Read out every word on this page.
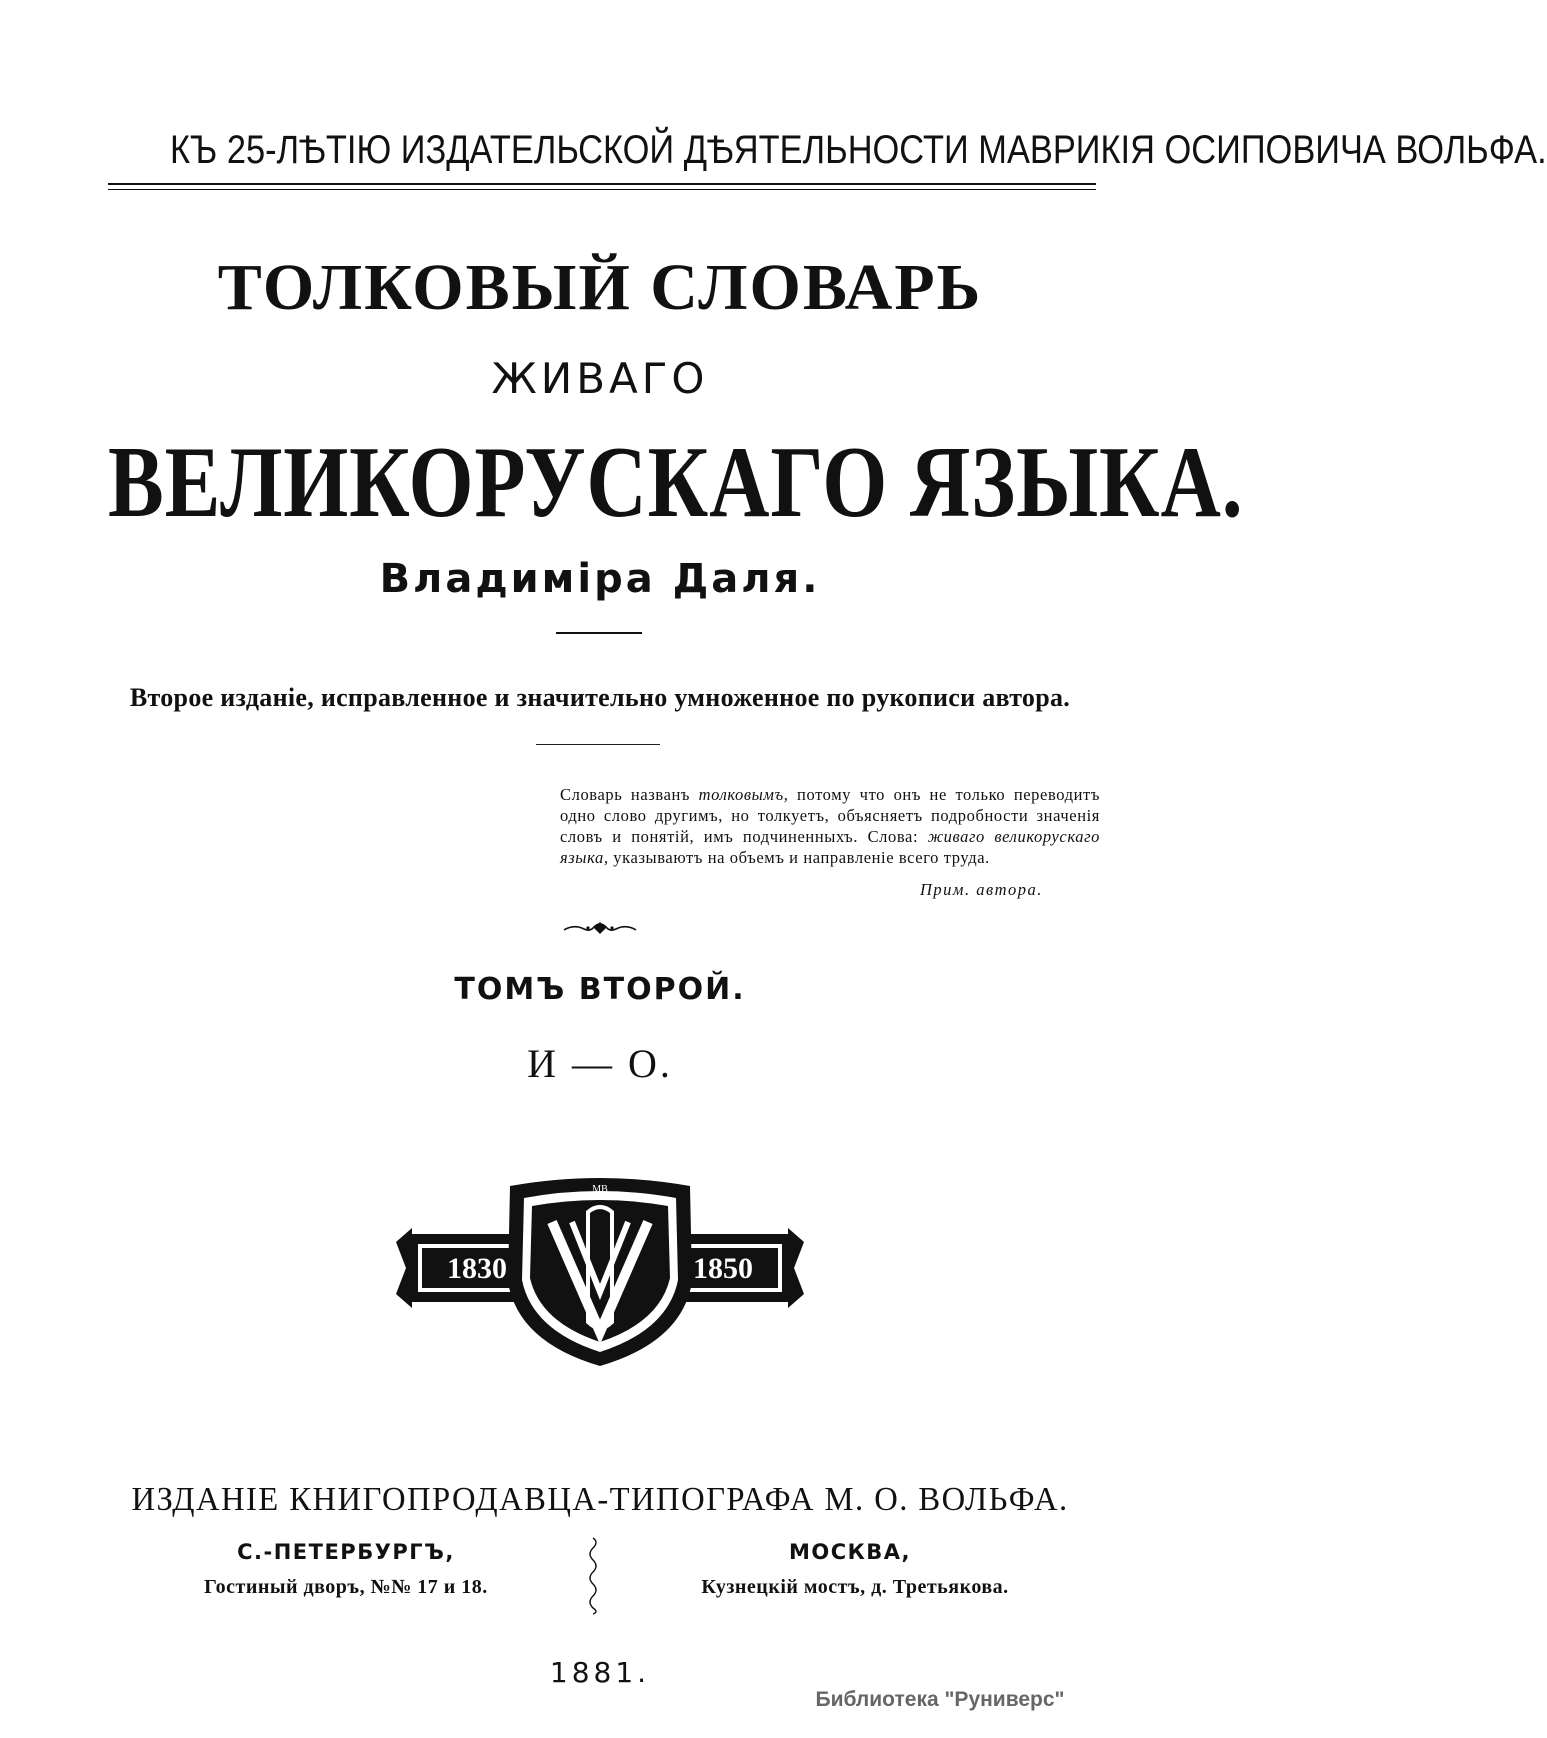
КЪ 25-ЛѢТІЮ ИЗДАТЕЛЬСКОЙ ДѢЯТЕЛЬНОСТИ МАВРИКІЯ ОСИПОВИЧА ВОЛЬФА.
ТОЛКОВЫЙ СЛОВАРЬ
ЖИВАГО
ВЕЛИКОРУСКАГО ЯЗЫКА.
Владиміра Даля.
Второе изданіе, исправленное и значительно умноженное по рукописи автора.
Словарь названъ толковымъ, потому что онъ не только переводитъ одно слово другимъ, но толкуетъ, объясняетъ подробности значенія словъ и понятій, имъ подчиненныхъ. Слова: живаго великорускаго языка, указываютъ на объемъ и направленіе всего труда.
Прим. автора.
ТОМЪ ВТОРОЙ.
И — О.
1830	1850
МВ
ИЗДАНІЕ КНИГОПРОДАВЦА-ТИПОГРАФА М. О. ВОЛЬФА.
С.-ПЕТЕРБУРГЪ,
Гостиный дворъ, №№ 17 и 18.
МОСКВА,
Кузнецкій мостъ, д. Третьякова.
1881.
Библиотека "Руниверс"
